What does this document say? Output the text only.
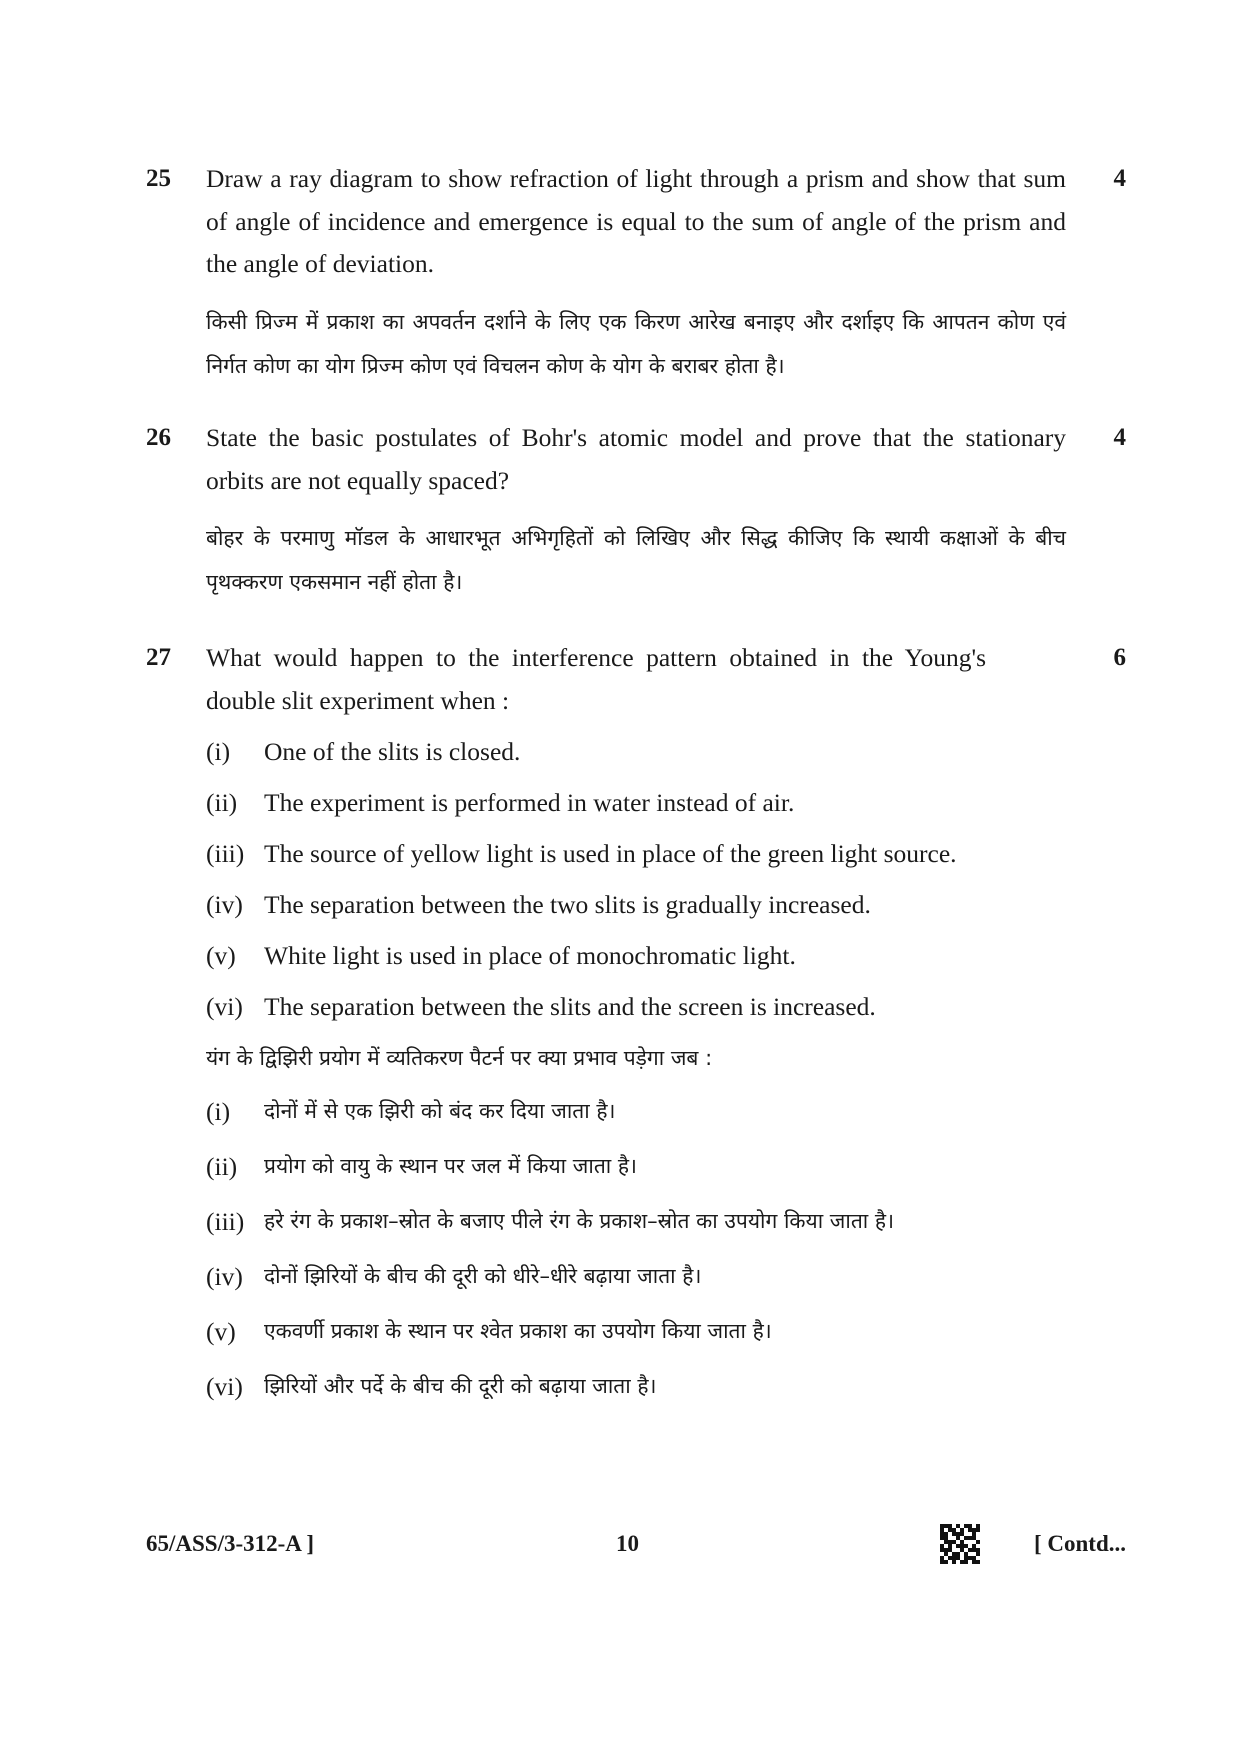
25	4
Draw a ray diagram to show refraction of light through a prism and show that sum of angle of incidence and emergence is equal to the sum of angle of the prism and the angle of deviation.
किसी प्रिज्म में प्रकाश का अपवर्तन दर्शाने के लिए एक किरण आरेख बनाइए और दर्शाइए कि आपतन कोण एवं निर्गत कोण का योग प्रिज्म कोण एवं विचलन कोण के योग के बराबर होता है।
26	4
State the basic postulates of Bohr's atomic model and prove that the stationary orbits are not equally spaced?
बोहर के परमाणु मॉडल के आधारभूत अभिगृहितों को लिखिए और सिद्ध कीजिए कि स्थायी कक्षाओं के बीच पृथक्करण एकसमान नहीं होता है।
27	6
What would happen to the interference pattern obtained in the Young's double slit experiment when :
(i)	One of the slits is closed.
(ii)	The experiment is performed in water instead of air.
(iii) The source of yellow light is used in place of the green light source.
(iv) The separation between the two slits is gradually increased.
(v)	White light is used in place of monochromatic light.
(vi) The separation between the slits and the screen is increased.
यंग के द्विझिरी प्रयोग में व्यतिकरण पैटर्न पर क्या प्रभाव पड़ेगा जब :
(i)	दोनों में से एक झिरी को बंद कर दिया जाता है।
(ii)	प्रयोग को वायु के स्थान पर जल में किया जाता है।
(iii) हरे रंग के प्रकाश–स्रोत के बजाए पीले रंग के प्रकाश–स्रोत का उपयोग किया जाता है।
(iv)	दोनों झिरियों के बीच की दूरी को धीरे–धीरे बढ़ाया जाता है।
(v)	एकवर्णी प्रकाश के स्थान पर श्वेत प्रकाश का उपयोग किया जाता है।
(vi)	झिरियों और पर्दे के बीच की दूरी को बढ़ाया जाता है।
65/ASS/3-312-A ]	10	[ Contd...
